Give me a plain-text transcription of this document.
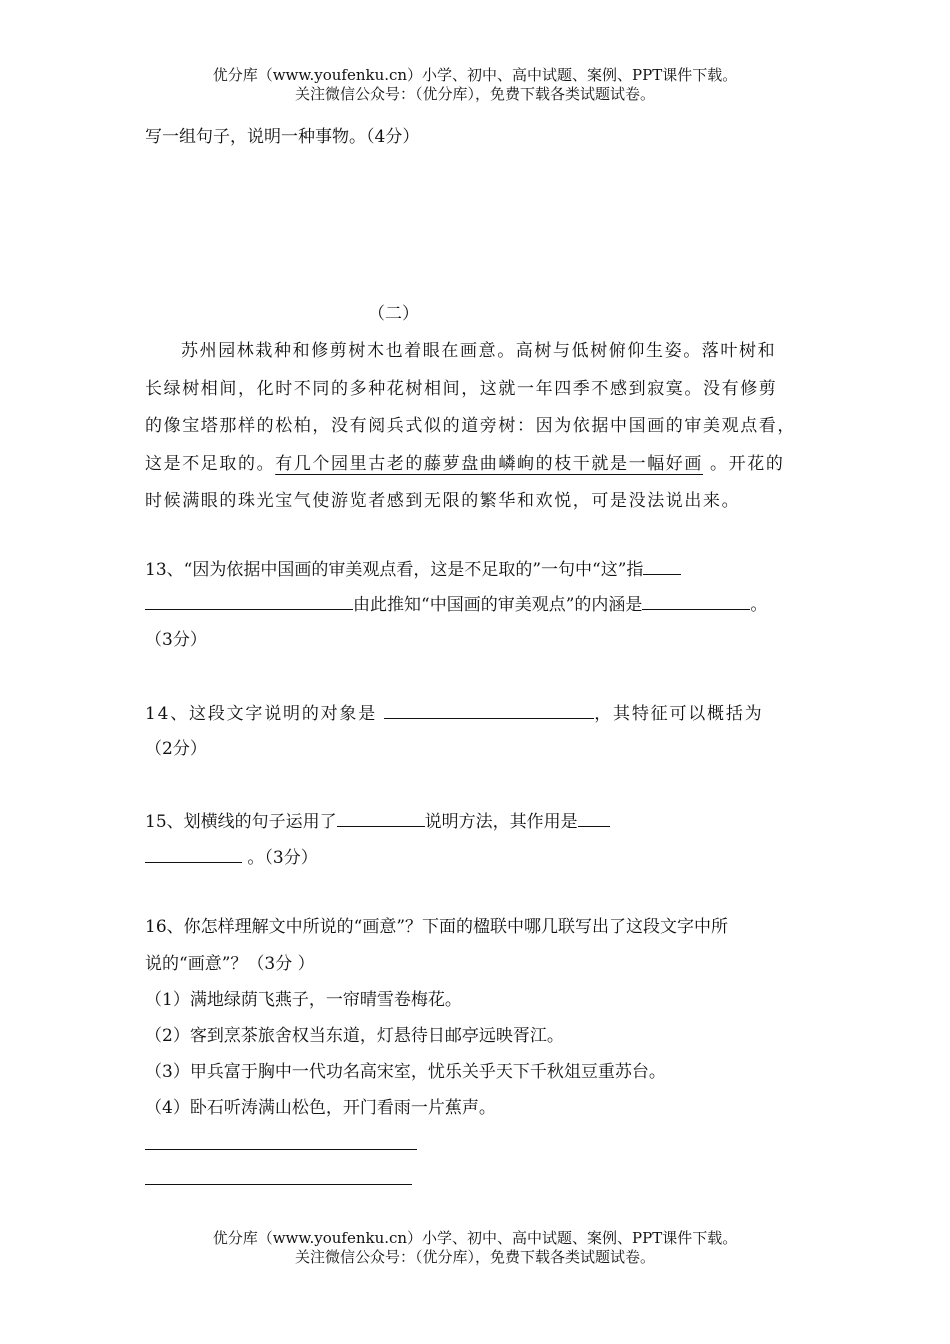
优分库（www.youfenku.cn）小学、初中、高中试题、案例、PPT课件下载。
关注微信公众号：（优分库），免费下载各类试题试卷。
写一组句子，说明一种事物。（4分）
（二）
苏州园林栽种和修剪树木也着眼在画意。高树与低树俯仰生姿。落叶树和
长绿树相间，化时不同的多种花树相间，这就一年四季不感到寂寞。没有修剪
的像宝塔那样的松柏，没有阅兵式似的道旁树：因为依据中国画的审美观点看，
这是不足取的。有几个园里古老的藤萝盘曲嶙峋的枝干就是一幅好画 。开花的
时候满眼的珠光宝气使游览者感到无限的繁华和欢悦，可是没法说出来。
13、“因为依据中国画的审美观点看，这是不足取的”一句中“这”指
由此推知“中国画的审美观点”的内涵是	。
（3分）
14、这段文字说明的对象是	，其特征可以概括为
（2分）
15、划横线的句子运用了	说明方法，其作用是
。（3分）
16、你怎样理解文中所说的“画意”？下面的楹联中哪几联写出了这段文字中所
说的“画意”？（3分 ）
（1）满地绿荫飞燕子，一帘晴雪卷梅花。
（2）客到烹茶旅舍权当东道，灯悬待日邮亭远映胥江。
（3）甲兵富于胸中一代功名高宋室，忧乐关乎天下千秋俎豆重苏台。
（4）卧石听涛满山松色，开门看雨一片蕉声。
优分库（www.youfenku.cn）小学、初中、高中试题、案例、PPT课件下载。
关注微信公众号：（优分库），免费下载各类试题试卷。
